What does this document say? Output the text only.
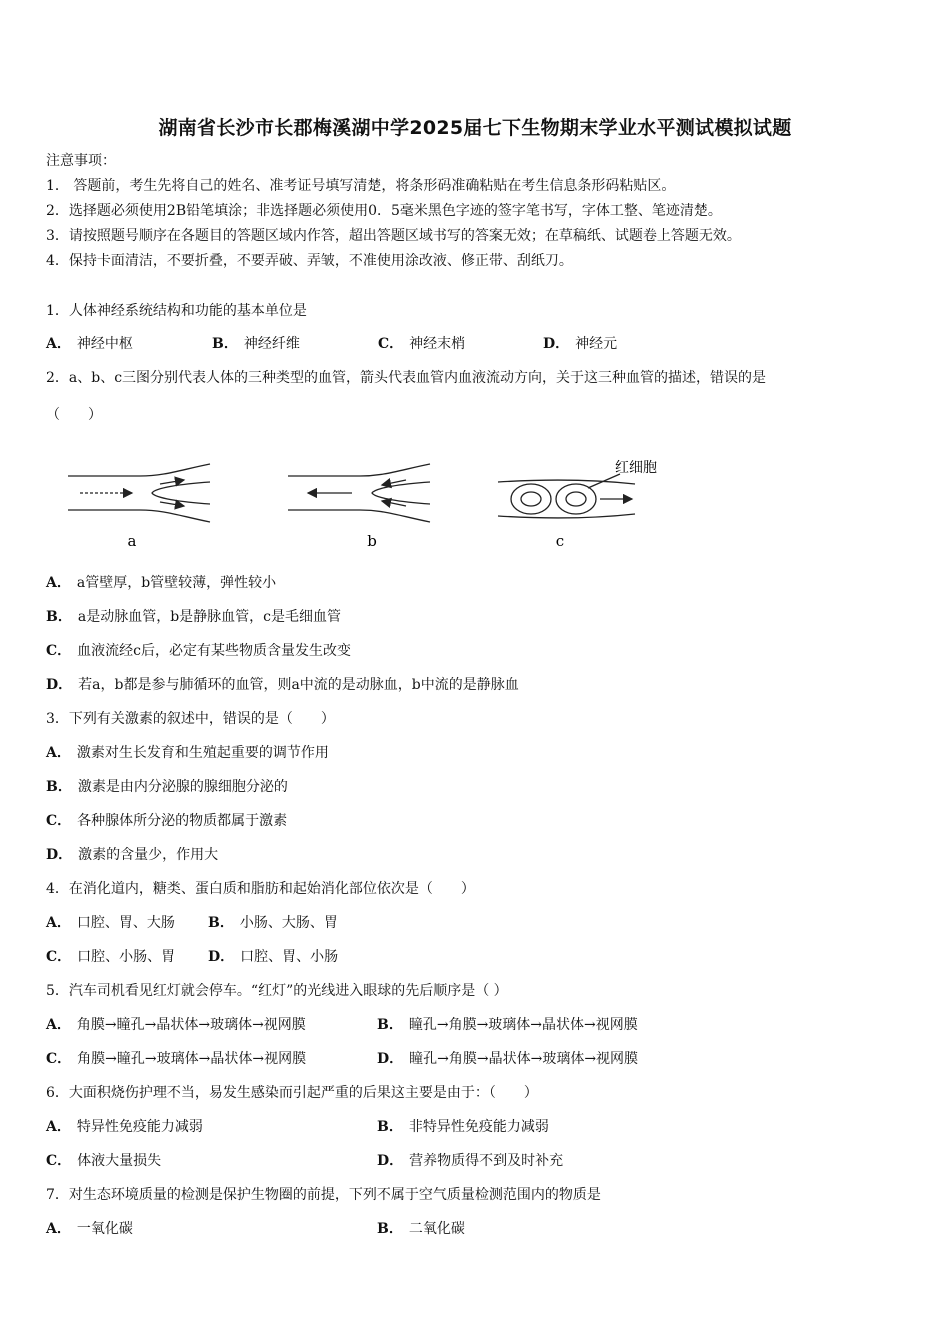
湖南省长沙市长郡梅溪湖中学2025届七下生物期末学业水平测试模拟试题
注意事项：
1． 答题前，考生先将自己的姓名、准考证号填写清楚，将条形码准确粘贴在考生信息条形码粘贴区。
2．选择题必须使用2B铅笔填涂；非选择题必须使用0．5毫米黑色字迹的签字笔书写，字体工整、笔迹清楚。
3．请按照题号顺序在各题目的答题区域内作答，超出答题区域书写的答案无效；在草稿纸、试题卷上答题无效。
4．保持卡面清洁，不要折叠，不要弄破、弄皱，不准使用涂改液、修正带、刮纸刀。
1．人体神经系统结构和功能的基本单位是
A． 神经中枢	B． 神经纤维	C． 神经末梢	D． 神经元
2．a、b、c三图分别代表人体的三种类型的血管，箭头代表血管内血液流动方向，关于这三种血管的描述，错误的是
（　　）
a	b
红细胞
c
A． a管壁厚，b管壁较薄，弹性较小
B． a是动脉血管，b是静脉血管，c是毛细血管
C． 血液流经c后，必定有某些物质含量发生改变
D． 若a，b都是参与肺循环的血管，则a中流的是动脉血，b中流的是静脉血
3．下列有关激素的叙述中，错误的是（　　）
A． 激素对生长发育和生殖起重要的调节作用
B． 激素是由内分泌腺的腺细胞分泌的
C． 各种腺体所分泌的物质都属于激素
D． 激素的含量少，作用大
4．在消化道内，糖类、蛋白质和脂肪和起始消化部位依次是（　　）
A． 口腔、胃、大肠 B． 小肠、大肠、胃
C． 口腔、小肠、胃 D． 口腔、胃、小肠
5．汽车司机看见红灯就会停车。“红灯”的光线进入眼球的先后顺序是（ ）
A． 角膜→瞳孔→晶状体→玻璃体→视网膜	B． 瞳孔→角膜→玻璃体→晶状体→视网膜
C． 角膜→瞳孔→玻璃体→晶状体→视网膜	D． 瞳孔→角膜→晶状体→玻璃体→视网膜
6．大面积烧伤护理不当，易发生感染而引起严重的后果这主要是由于：（　　）
A． 特异性免疫能力减弱	B． 非特异性免疫能力减弱
C． 体液大量损失	D． 营养物质得不到及时补充
7．对生态环境质量的检测是保护生物圈的前提，下列不属于空气质量检测范围内的物质是
A． 一氧化碳	B． 二氧化碳
